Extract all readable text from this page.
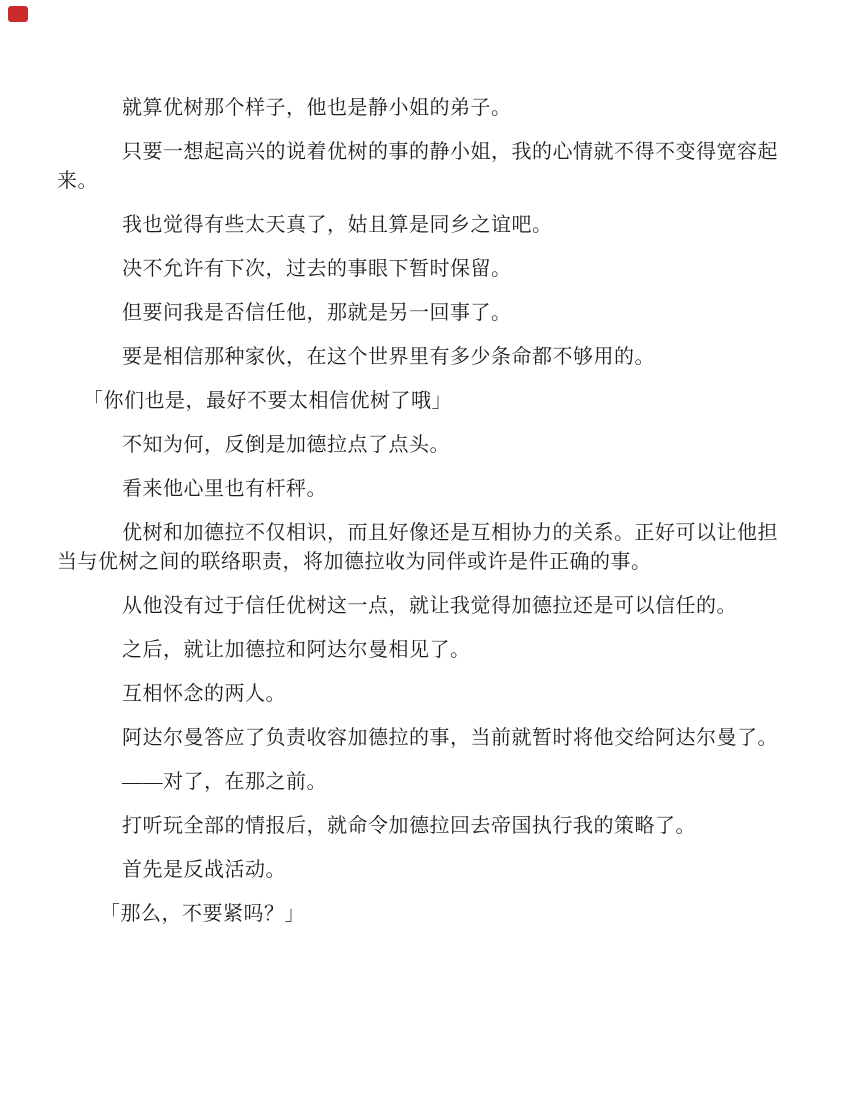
就算优树那个样子，他也是静小姐的弟子。

只要一想起高兴的说着优树的事的静小姐，我的心情就不得不变得宽容起来。

我也觉得有些太天真了，姑且算是同乡之谊吧。

决不允许有下次，过去的事眼下暂时保留。

但要问我是否信任他，那就是另一回事了。

要是相信那种家伙，在这个世界里有多少条命都不够用的。

「你们也是，最好不要太相信优树了哦」

不知为何，反倒是加德拉点了点头。

看来他心里也有杆秤。

优树和加德拉不仅相识，而且好像还是互相协力的关系。正好可以让他担当与优树之间的联络职责，将加德拉收为同伴或许是件正确的事。

从他没有过于信任优树这一点，就让我觉得加德拉还是可以信任的。

之后，就让加德拉和阿达尔曼相见了。

互相怀念的两人。

阿达尔曼答应了负责收容加德拉的事，当前就暂时将他交给阿达尔曼了。

——对了，在那之前。

打听玩全部的情报后，就命令加德拉回去帝国执行我的策略了。

首先是反战活动。

「那么，不要紧吗？」
